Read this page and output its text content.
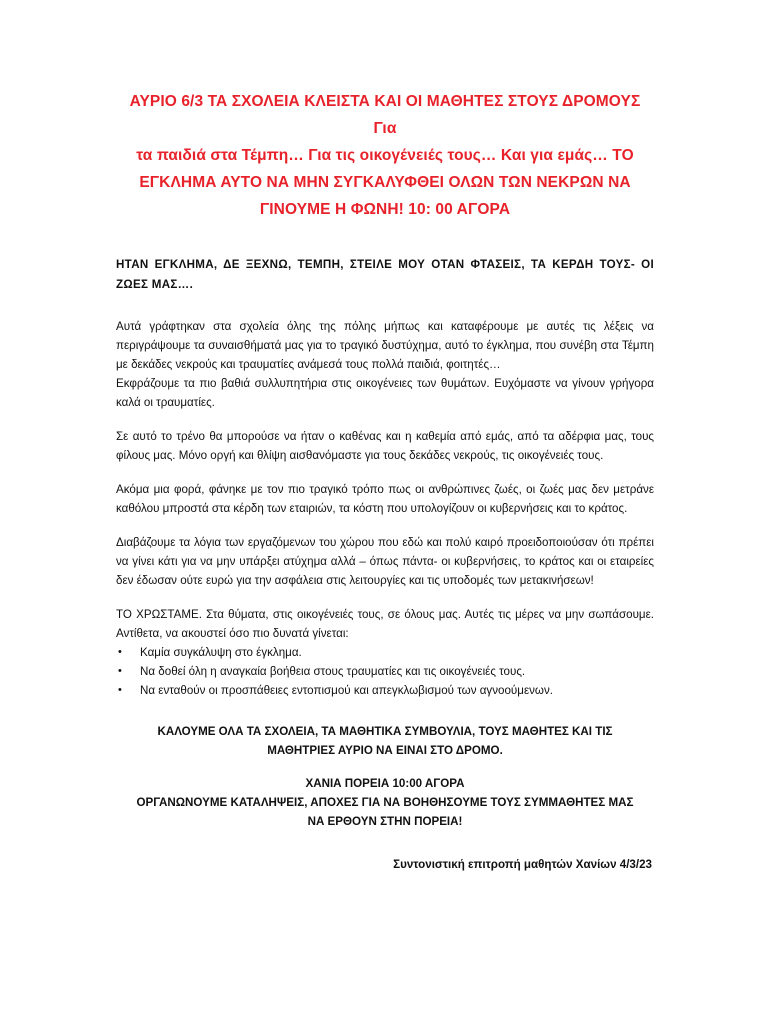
ΑΥΡΙΟ 6/3 ΤΑ ΣΧΟΛΕΙΑ ΚΛΕΙΣΤΑ ΚΑΙ ΟΙ ΜΑΘΗΤΕΣ ΣΤΟΥΣ ΔΡΟΜΟΥΣ Για
τα παιδιά στα Τέμπη… Για τις οικογένειές τους… Και για εμάς… ΤΟ
ΕΓΚΛΗΜΑ ΑΥΤΟ ΝΑ ΜΗΝ ΣΥΓΚΑΛΥΦΘΕΙ ΟΛΩΝ ΤΩΝ ΝΕΚΡΩΝ ΝΑ
ΓΙΝΟΥΜΕ Η ΦΩΝΗ! 10: 00 ΑΓΟΡΑ

ΗΤΑΝ ΕΓΚΛΗΜΑ, ΔΕ ΞΕΧΝΩ, ΤΕΜΠΗ, ΣΤΕΙΛΕ ΜΟΥ ΟΤΑΝ ΦΤΑΣΕΙΣ, ΤΑ ΚΕΡΔΗ ΤΟΥΣ- ΟΙ ΖΩΕΣ ΜΑΣ….

Αυτά γράφτηκαν στα σχολεία όλης της πόλης μήπως και καταφέρουμε με αυτές τις λέξεις να περιγράψουμε τα συναισθήματά μας για το τραγικό δυστύχημα, αυτό το έγκλημα, που συνέβη στα Τέμπη με δεκάδες νεκρούς και τραυματίες ανάμεσά τους πολλά παιδιά, φοιτητές…

Εκφράζουμε τα πιο βαθιά συλλυπητήρια στις οικογένειες των θυμάτων. Ευχόμαστε να γίνουν γρήγορα καλά οι τραυματίες.

Σε αυτό το τρένο θα μπορούσε να ήταν ο καθένας και η καθεμία από εμάς, από τα αδέρφια μας, τους φίλους μας. Μόνο οργή και θλίψη αισθανόμαστε για τους δεκάδες νεκρούς, τις οικογένειές τους.

Ακόμα μια φορά, φάνηκε με τον πιο τραγικό τρόπο πως οι ανθρώπινες ζωές, οι ζωές μας δεν μετράνε καθόλου μπροστά στα κέρδη των εταιριών, τα κόστη που υπολογίζουν οι κυβερνήσεις και το κράτος.

Διαβάζουμε τα λόγια των εργαζόμενων του χώρου που εδώ και πολύ καιρό προειδοποιούσαν ότι πρέπει να γίνει κάτι για να μην υπάρξει ατύχημα αλλά – όπως πάντα- οι κυβερνήσεις, το κράτος και οι εταιρείες δεν έδωσαν ούτε ευρώ για την ασφάλεια στις λειτουργίες και τις υποδομές των μετακινήσεων!

ΤΟ ΧΡΩΣΤΑΜΕ. Στα θύματα, στις οικογένειές τους, σε όλους μας. Αυτές τις μέρες να μην σωπάσουμε. Αντίθετα, να ακουστεί όσο πιο δυνατά γίνεται:

• Καμία συγκάλυψη στο έγκλημα.
• Να δοθεί όλη η αναγκαία βοήθεια στους τραυματίες και τις οικογένειές τους.
• Να ενταθούν οι προσπάθειες εντοπισμού και απεγκλωβισμού των αγνοούμενων.
ΚΑΛΟΥΜΕ ΟΛΑ ΤΑ ΣΧΟΛΕΙΑ, ΤΑ ΜΑΘΗΤΙΚΑ ΣΥΜΒΟΥΛΙΑ, ΤΟΥΣ ΜΑΘΗΤΕΣ ΚΑΙ ΤΙΣ
ΜΑΘΗΤΡΙΕΣ ΑΥΡΙΟ ΝΑ ΕΙΝΑΙ ΣΤΟ ΔΡΟΜΟ.
ΧΑΝΙΑ ΠΟΡΕΙΑ 10:00 ΑΓΟΡΑ
ΟΡΓΑΝΩΝΟΥΜΕ ΚΑΤΑΛΗΨΕΙΣ, ΑΠΟΧΕΣ ΓΙΑ ΝΑ ΒΟΗΘΗΣΟΥΜΕ ΤΟΥΣ ΣΥΜΜΑΘΗΤΕΣ ΜΑΣ
ΝΑ ΕΡΘΟΥΝ ΣΤΗΝ ΠΟΡΕΙΑ!
Συντονιστική επιτροπή μαθητών Χανίων 4/3/23
